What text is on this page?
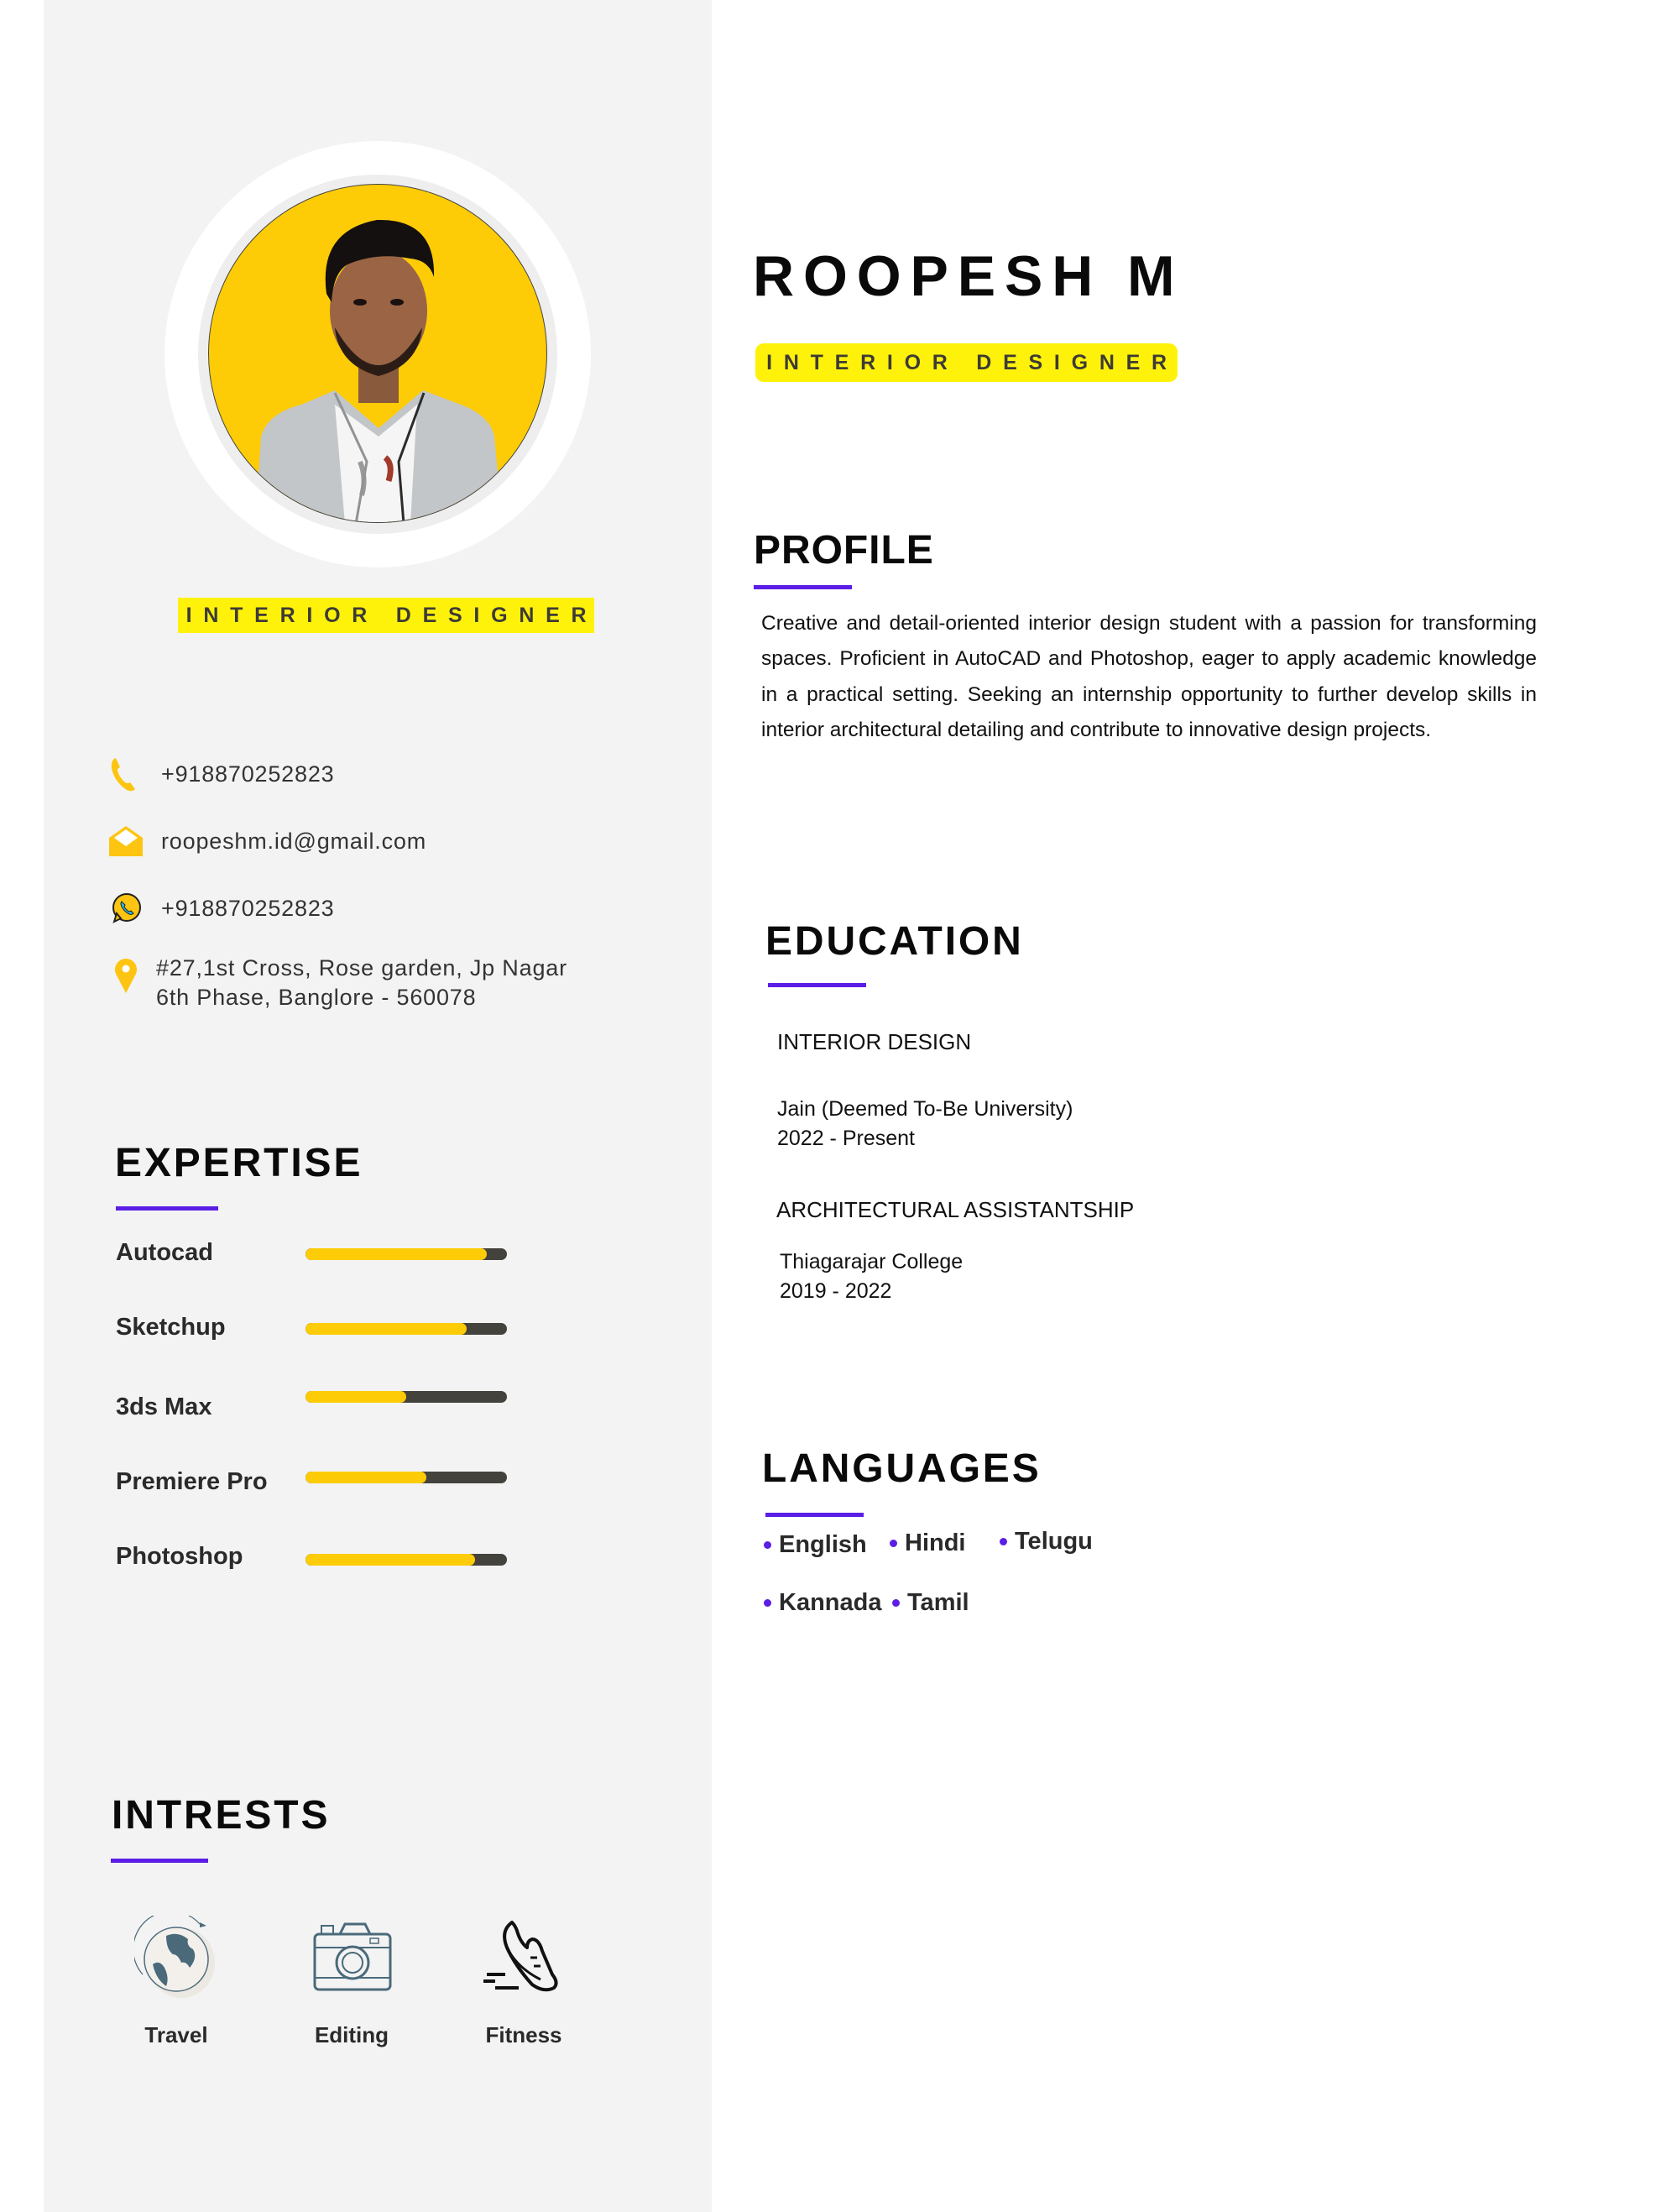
INTERIOR DESIGNER
+918870252823
roopeshm.id@gmail.com
+918870252823
#27,1st Cross, Rose garden, Jp Nagar
6th Phase, Banglore - 560078
EXPERTISE
Autocad
Sketchup
3ds Max
Premiere Pro
Photoshop
INTRESTS
Travel	Editing	Fitness
ROOPESH M
INTERIOR DESIGNER
PROFILE
Creative and detail-oriented interior design student with a passion for transforming spaces. Proficient in AutoCAD and Photoshop, eager to apply academic knowledge in a practical setting. Seeking an internship opportunity to further develop skills in interior architectural detailing and contribute to innovative design projects.
EDUCATION
INTERIOR DESIGN
Jain (Deemed To-Be University)
2022 - Present
ARCHITECTURAL ASSISTANTSHIP
Thiagarajar College
2019 - 2022
LANGUAGES
English Hindi Telugu
Kannada Tamil
